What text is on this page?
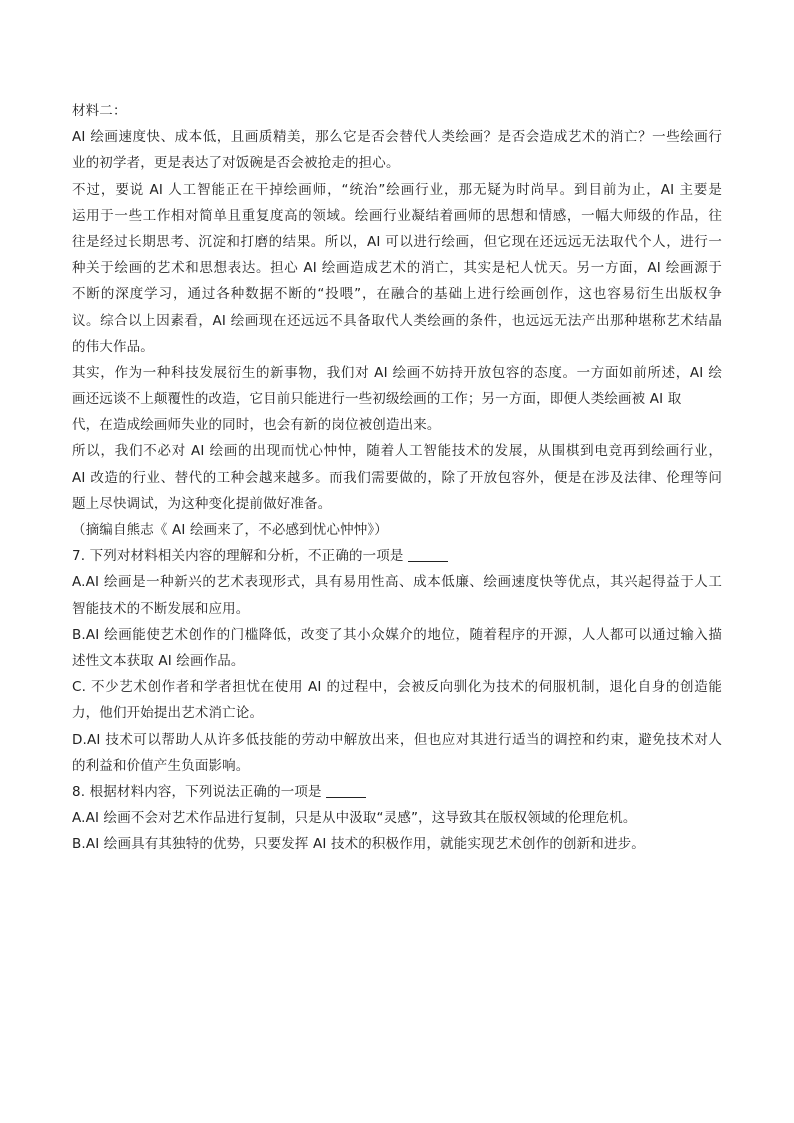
材料二：
AI 绘画速度快、成本低，且画质精美，那么它是否会替代人类绘画？是否会造成艺术的消亡？一些绘画行
业的初学者，更是表达了对饭碗是否会被抢走的担心。
不过，要说 AI 人工智能正在干掉绘画师，“统治”绘画行业，那无疑为时尚早。到目前为止，AI 主要是
运用于一些工作相对简单且重复度高的领域。绘画行业凝结着画师的思想和情感，一幅大师级的作品，往
往是经过长期思考、沉淀和打磨的结果。所以，AI 可以进行绘画，但它现在还远远无法取代个人，进行一
种关于绘画的艺术和思想表达。担心 AI 绘画造成艺术的消亡，其实是杞人忧天。另一方面，AI 绘画源于
不断的深度学习，通过各种数据不断的“投喂”，在融合的基础上进行绘画创作，这也容易衍生出版权争
议。综合以上因素看，AI 绘画现在还远远不具备取代人类绘画的条件，也远远无法产出那种堪称艺术结晶
的伟大作品。
其实，作为一种科技发展衍生的新事物，我们对 AI 绘画不妨持开放包容的态度。一方面如前所述，AI 绘
画还远谈不上颠覆性的改造，它目前只能进行一些初级绘画的工作；另一方面，即便人类绘画被 AI 取
代，在造成绘画师失业的同时，也会有新的岗位被创造出来。
所以，我们不必对 AI 绘画的出现而忧心忡忡，随着人工智能技术的发展，从围棋到电竞再到绘画行业，
AI 改造的行业、替代的工种会越来越多。而我们需要做的，除了开放包容外，便是在涉及法律、伦理等问
题上尽快调试，为这种变化提前做好准备。
（摘编自熊志《 AI 绘画来了，不必感到忧心忡忡》）
7. 下列对材料相关内容的理解和分析，不正确的一项是
A.AI 绘画是一种新兴的艺术表现形式，具有易用性高、成本低廉、绘画速度快等优点，其兴起得益于人工
智能技术的不断发展和应用。
B.AI 绘画能使艺术创作的门槛降低，改变了其小众媒介的地位，随着程序的开源，人人都可以通过输入描
述性文本获取 AI 绘画作品。
C. 不少艺术创作者和学者担忧在使用 AI 的过程中，会被反向驯化为技术的伺服机制，退化自身的创造能
力，他们开始提出艺术消亡论。
D.AI 技术可以帮助人从许多低技能的劳动中解放出来，但也应对其进行适当的调控和约束，避免技术对人
的利益和价值产生负面影响。
8. 根据材料内容，下列说法正确的一项是
A.AI 绘画不会对艺术作品进行复制，只是从中汲取“灵感”，这导致其在版权领域的伦理危机。
B.AI 绘画具有其独特的优势，只要发挥 AI 技术的积极作用，就能实现艺术创作的创新和进步。
